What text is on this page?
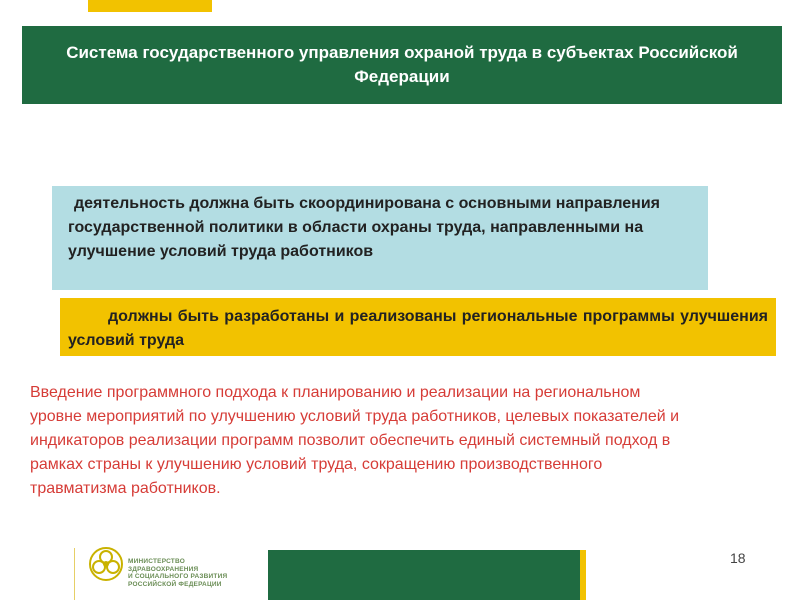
Система государственного управления охраной труда в субъектах Российской Федерации
деятельность должна быть скоординирована с основными направления государственной политики в области охраны труда, направленными на улучшение условий труда работников
должны быть разработаны и реализованы региональные программы улучшения условий труда
Введение программного подхода к планированию и реализации на региональном уровне мероприятий по улучшению условий труда работников, целевых показателей и индикаторов реализации программ позволит обеспечить единый системный подход в рамках страны к улучшению условий труда, сокращению производственного травматизма работников.
МИНИСТЕРСТВО
ЗДРАВООХРАНЕНИЯ
И СОЦИАЛЬНОГО РАЗВИТИЯ
РОССИЙСКОЙ ФЕДЕРАЦИИ
18
